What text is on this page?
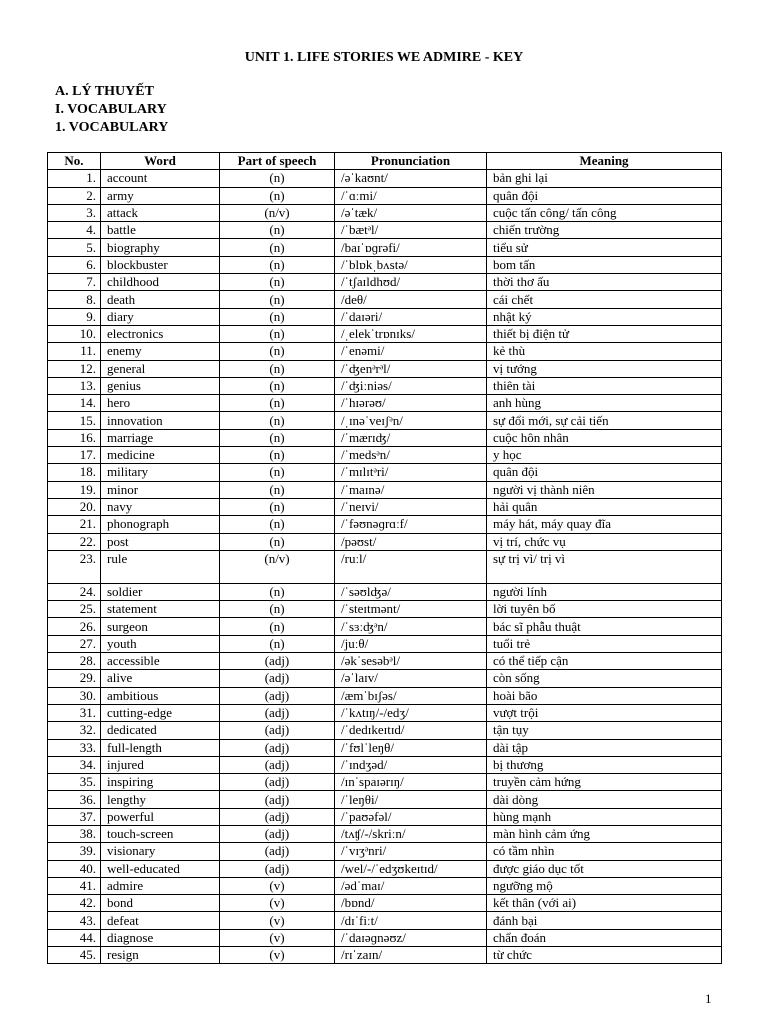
UNIT 1. LIFE STORIES WE ADMIRE - KEY
A. LÝ THUYẾT
I. VOCABULARY
1. VOCABULARY
No.	Word	Part of speech	Pronunciation	Meaning
1.	account	(n)	/əˈkaʊnt/	bản ghi lại
2.	army	(n)	/ˈɑːmi/	quân đội
3.	attack	(n/v)	/əˈtæk/	cuộc tấn công/ tấn công
4.	battle	(n)	/ˈbætᵊl/	chiến trường
5.	biography	(n)	/baɪˈɒɡrəfi/	tiểu sử
6.	blockbuster	(n)	/ˈblɒkˌbʌstə/	bom tấn
7.	childhood	(n)	/ˈtʃaɪldhʊd/	thời thơ ấu
8.	death	(n)	/deθ/	cái chết
9.	diary	(n)	/ˈdaɪəri/	nhật ký
10.	electronics	(n)	/ˌelekˈtrɒnɪks/	thiết bị điện tử
11.	enemy	(n)	/ˈenəmi/	kẻ thù
12.	general	(n)	/ˈʤenᵊrᵊl/	vị tướng
13.	genius	(n)	/ˈʤiːniəs/	thiên tài
14.	hero	(n)	/ˈhɪərəʊ/	anh hùng
15.	innovation	(n)	/ˌɪnəˈveɪʃᵊn/	sự đổi mới, sự cải tiến
16.	marriage	(n)	/ˈmærɪʤ/	cuộc hôn nhân
17.	medicine	(n)	/ˈmedsᵊn/	y học
18.	military	(n)	/ˈmɪlɪtᵊri/	quân đội
19.	minor	(n)	/ˈmaɪnə/	người vị thành niên
20.	navy	(n)	/ˈneɪvi/	hải quân
21.	phonograph	(n)	/ˈfəʊnəɡrɑːf/	máy hát, máy quay đĩa
22.	post	(n)	/pəʊst/	vị trí, chức vụ
23.	rule	(n/v)	/ruːl/	sự trị vì/ trị vì
24.	soldier	(n)	/ˈsəʊlʤə/	người lính
25.	statement	(n)	/ˈsteɪtmənt/	lời tuyên bố
26.	surgeon	(n)	/ˈsɜːʤᵊn/	bác sĩ phẫu thuật
27.	youth	(n)	/juːθ/	tuổi trẻ
28.	accessible	(adj)	/əkˈsesəbᵊl/	có thể tiếp cận
29.	alive	(adj)	/əˈlaɪv/	còn sống
30.	ambitious	(adj)	/æmˈbɪʃəs/	hoài bão
31.	cutting-edge	(adj)	/ˈkʌtɪŋ/-/edʒ/	vượt trội
32.	dedicated	(adj)	/ˈdedɪkeɪtɪd/	tận tụy
33.	full-length	(adj)	/ˈfʊlˈleŋθ/	dài tập
34.	injured	(adj)	/ˈɪndʒəd/	bị thương
35.	inspiring	(adj)	/ɪnˈspaɪərɪŋ/	truyền cảm hứng
36.	lengthy	(adj)	/ˈleŋθi/	dài dòng
37.	powerful	(adj)	/ˈpaʊəfəl/	hùng mạnh
38.	touch-screen	(adj)	/tʌʧ/-/skriːn/	màn hình cảm ứng
39.	visionary	(adj)	/ˈvɪʒᵊnri/	có tầm nhìn
40.	well-educated	(adj)	/wel/-/ˈedʒʊkeɪtɪd/	được giáo dục tốt
41.	admire	(v)	/ədˈmaɪ/	ngưỡng mộ
42.	bond	(v)	/bɒnd/	kết thân (với ai)
43.	defeat	(v)	/dɪˈfiːt/	đánh bại
44.	diagnose	(v)	/ˈdaɪəɡnəʊz/	chẩn đoán
45.	resign	(v)	/rɪˈzaɪn/	từ chức
1
